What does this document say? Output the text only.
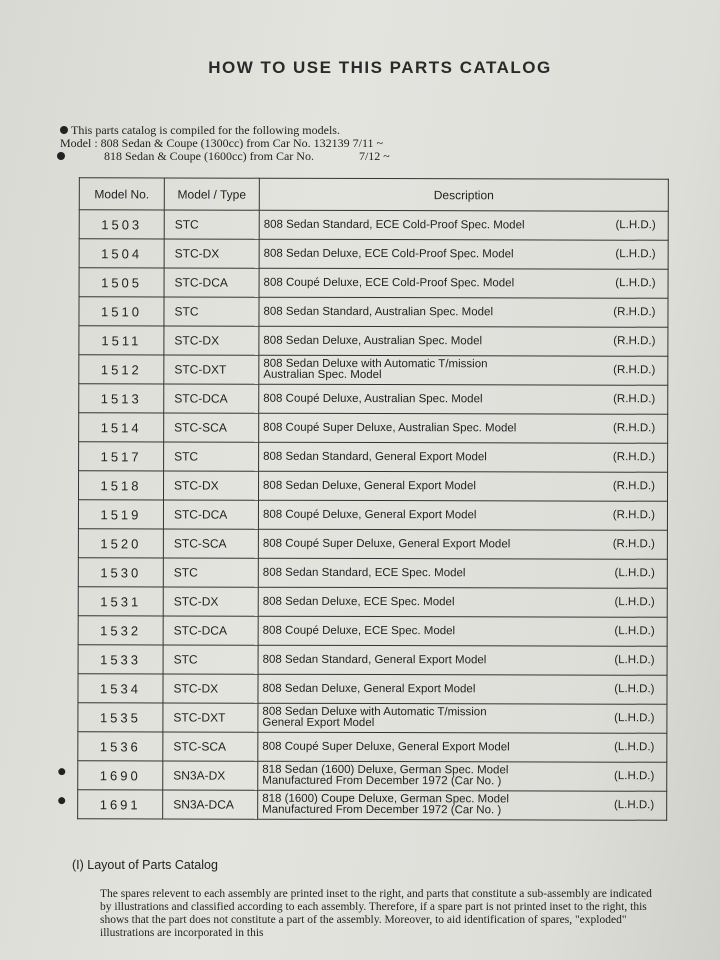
HOW TO USE THIS PARTS CATALOG
This parts catalog is compiled for the following models.
Model : 808 Sedan & Coupe (1300cc) from Car No. 132139 7/11 ~
818 Sedan & Coupe (1600cc) from Car No.               7/12 ~
Model No.	Model / Type	Description
1503	STC	808 Sedan Standard, ECE Cold-Proof Spec. Model (L.H.D.)

1504	STC-DX	808 Sedan Deluxe, ECE Cold-Proof Spec. Model (L.H.D.)

1505	STC-DCA	808 Coupé Deluxe, ECE Cold-Proof Spec. Model (L.H.D.)

1510	STC	808 Sedan Standard, Australian Spec. Model (R.H.D.)

1511	STC-DX	808 Sedan Deluxe, Australian Spec. Model (R.H.D.)

1512	STC-DXT	808 Sedan Deluxe with Automatic T/mission
Australian Spec. Model (R.H.D.)

1513	STC-DCA	808 Coupé Deluxe, Australian Spec. Model (R.H.D.)

1514	STC-SCA	808 Coupé Super Deluxe, Australian Spec. Model (R.H.D.)

1517	STC	808 Sedan Standard, General Export Model (R.H.D.)

1518	STC-DX	808 Sedan Deluxe, General Export Model (R.H.D.)

1519	STC-DCA	808 Coupé Deluxe, General Export Model (R.H.D.)

1520	STC-SCA	808 Coupé Super Deluxe, General Export Model (R.H.D.)

1530	STC	808 Sedan Standard, ECE Spec. Model (L.H.D.)

1531	STC-DX	808 Sedan Deluxe, ECE Spec. Model (L.H.D.)

1532	STC-DCA	808 Coupé Deluxe, ECE Spec. Model (L.H.D.)

1533	STC	808 Sedan Standard, General Export Model (L.H.D.)

1534	STC-DX	808 Sedan Deluxe, General Export Model (L.H.D.)

1535	STC-DXT	808 Sedan Deluxe with Automatic T/mission
General Export Model (L.H.D.)

1536	STC-SCA	808 Coupé Super Deluxe, General Export Model (L.H.D.)

1690	SN3A-DX	818 Sedan (1600) Deluxe, German Spec. Model
Manufactured From December 1972 (Car No. ) (L.H.D.)

1691	SN3A-DCA	818 (1600) Coupe Deluxe, German Spec. Model
Manufactured From December 1972 (Car No. ) (L.H.D.)
(I) Layout of Parts Catalog
The spares relevent to each assembly are printed inset to the right, and parts that constitute a sub-assembly are indicated by illustrations and classified according to each assembly. Therefore, if a spare part is not printed inset to the right, this shows that the part does not constitute a part of the assembly. Moreover, to aid identification of spares, "exploded" illustrations are incorporated in this
